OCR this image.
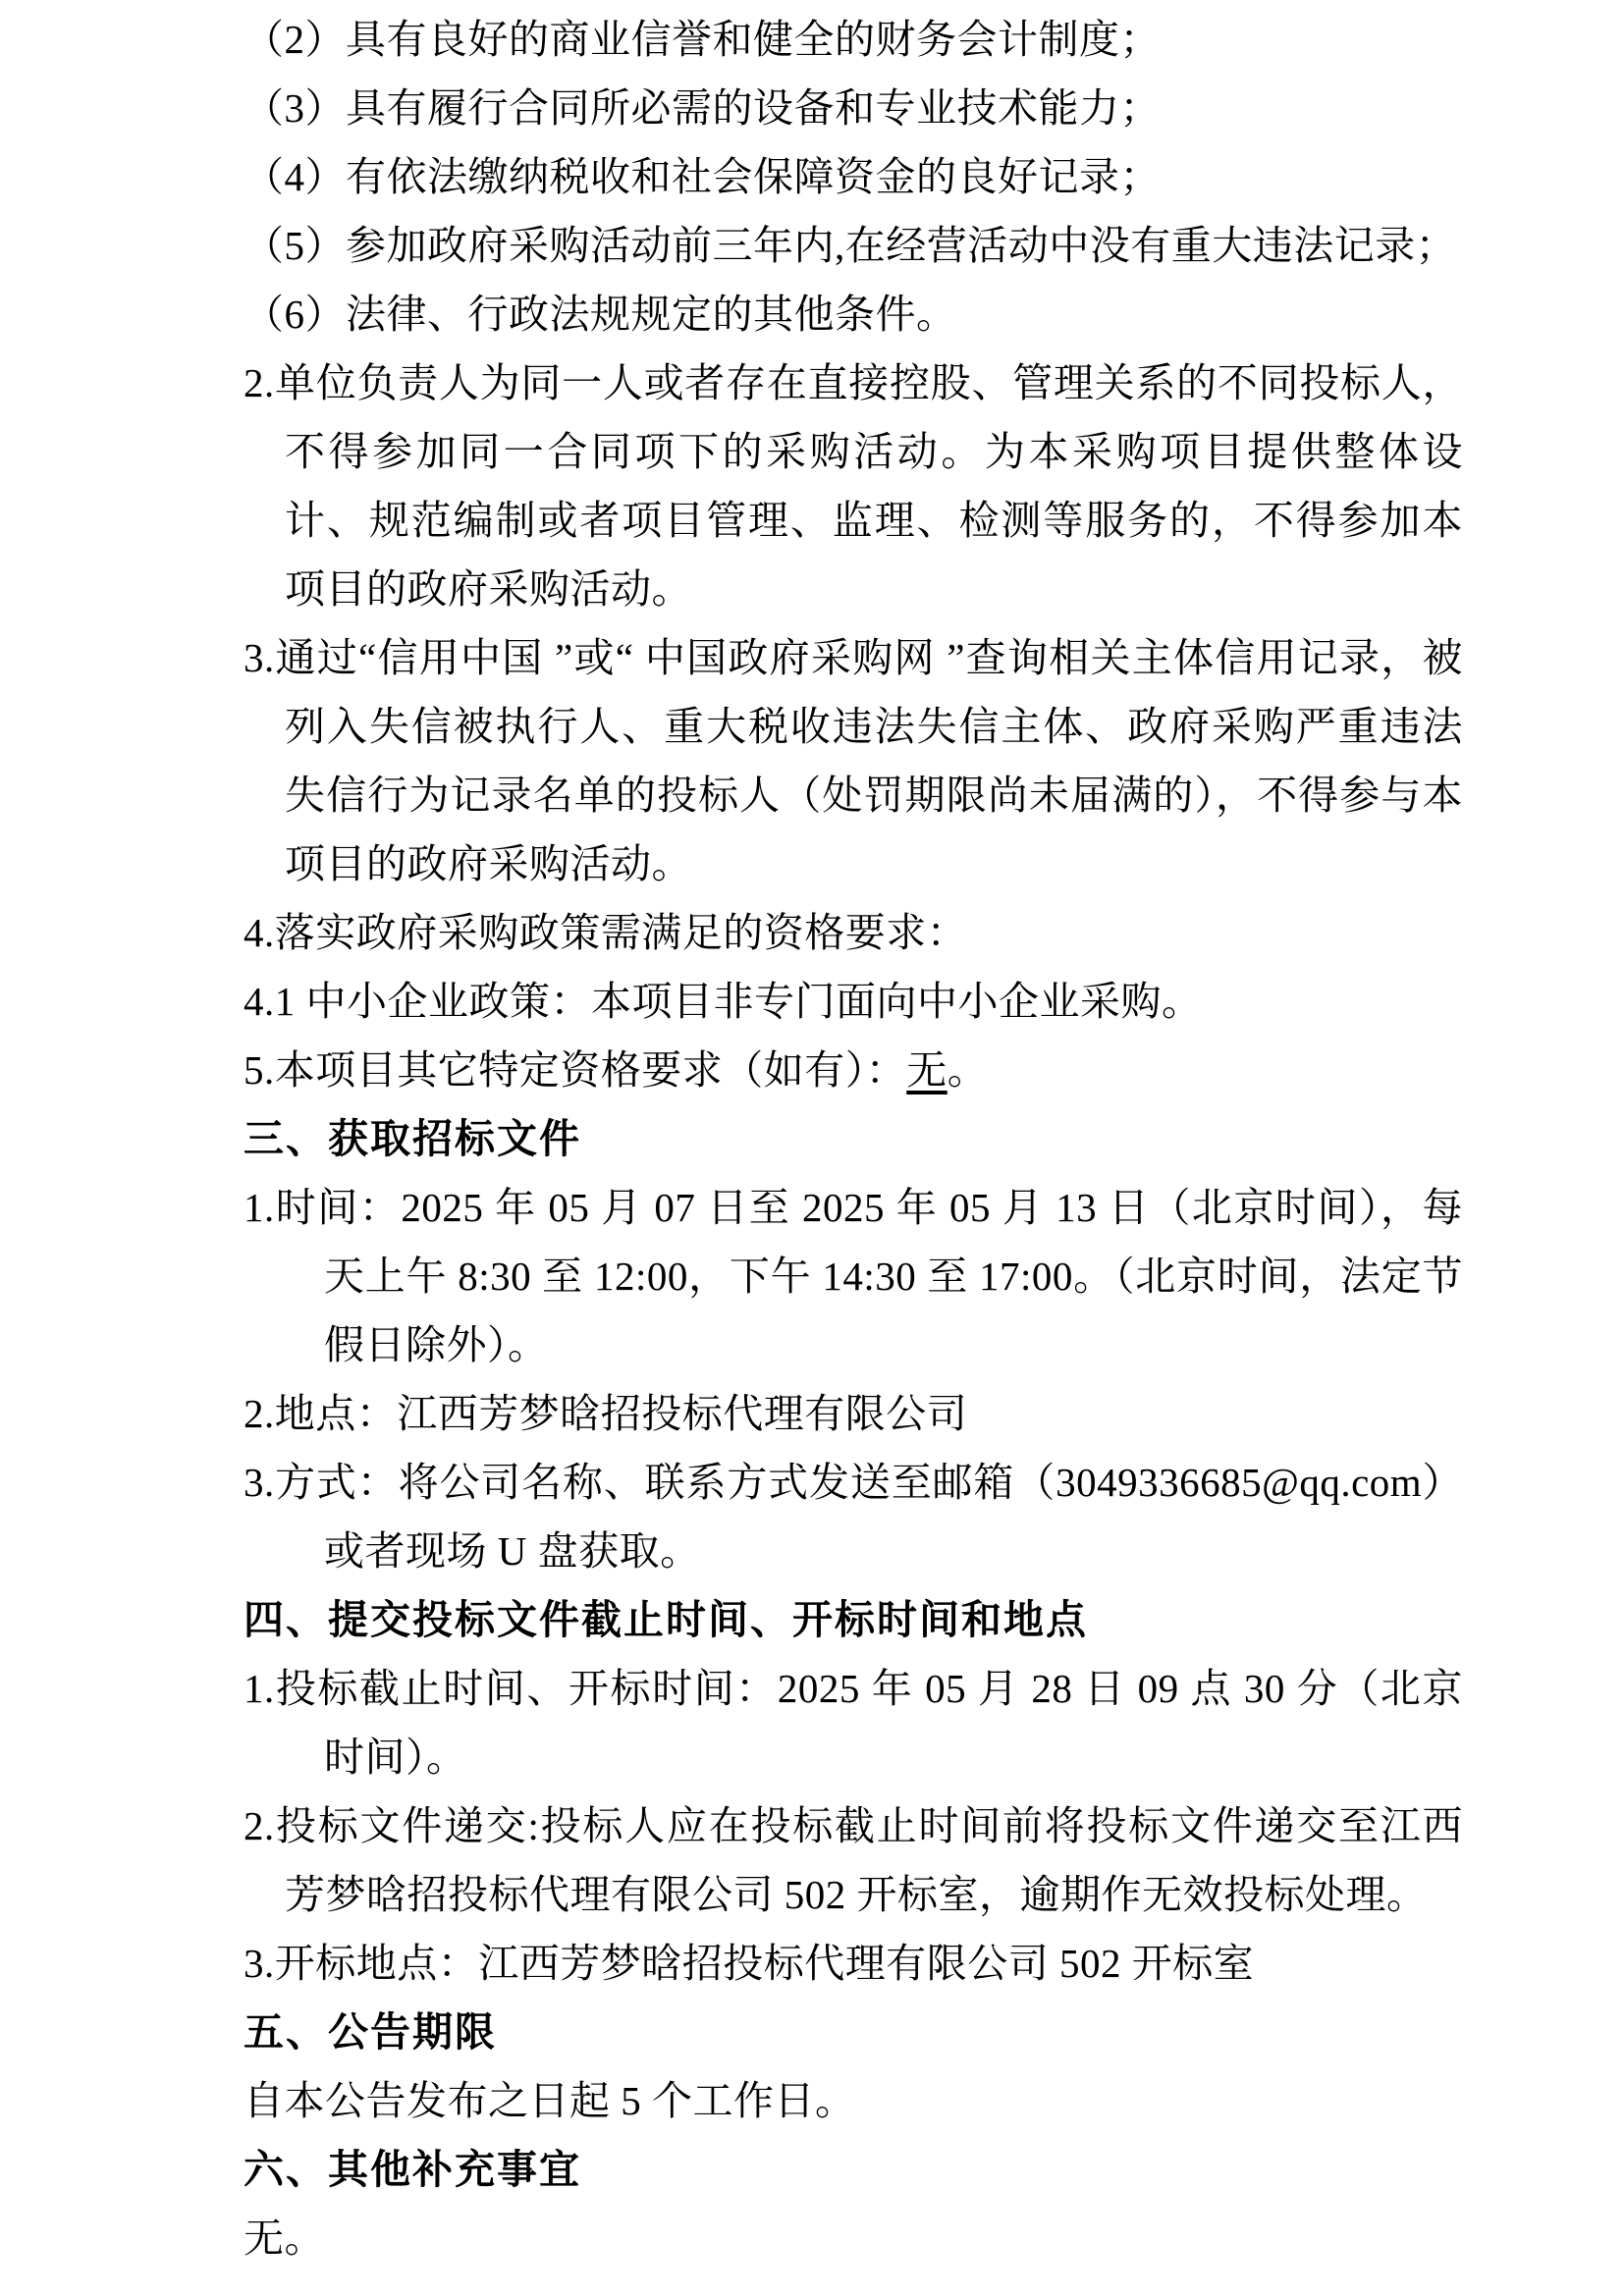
（2）具有良好的商业信誉和健全的财务会计制度；

（3）具有履行合同所必需的设备和专业技术能力；

（4）有依法缴纳税收和社会保障资金的良好记录；

（5）参加政府采购活动前三年内,在经营活动中没有重大违法记录；

（6）法律、行政法规规定的其他条件。

2.单位负责人为同一人或者存在直接控股、管理关系的不同投标人，不得参加同一合同项下的采购活动。为本采购项目提供整体设计、规范编制或者项目管理、监理、检测等服务的，不得参加本项目的政府采购活动。

3.通过“信用中国 ”或“ 中国政府采购网 ”查询相关主体信用记录，被列入失信被执行人、重大税收违法失信主体、政府采购严重违法失信行为记录名单的投标人（处罚期限尚未届满的），不得参与本项目的政府采购活动。

4.落实政府采购政策需满足的资格要求：

4.1 中小企业政策：本项目非专门面向中小企业采购。

5.本项目其它特定资格要求（如有）：无。

三、获取招标文件

1.时间：2025 年 05 月 07 日至 2025 年 05 月 13 日（北京时间），每天上午 8:30 至 12:00，下午 14:30 至 17:00。（北京时间，法定节假日除外）。

2.地点：江西芳梦晗招投标代理有限公司

3.方式：将公司名称、联系方式发送至邮箱（3049336685@qq.com）或者现场 U 盘获取。

四、提交投标文件截止时间、开标时间和地点

1.投标截止时间、开标时间：2025 年 05 月 28 日 09 点 30 分（北京时间）。

2.投标文件递交:投标人应在投标截止时间前将投标文件递交至江西芳梦晗招投标代理有限公司 502 开标室，逾期作无效投标处理。

3.开标地点：江西芳梦晗招投标代理有限公司 502 开标室

五、公告期限

自本公告发布之日起 5 个工作日。

六、其他补充事宜

无。
